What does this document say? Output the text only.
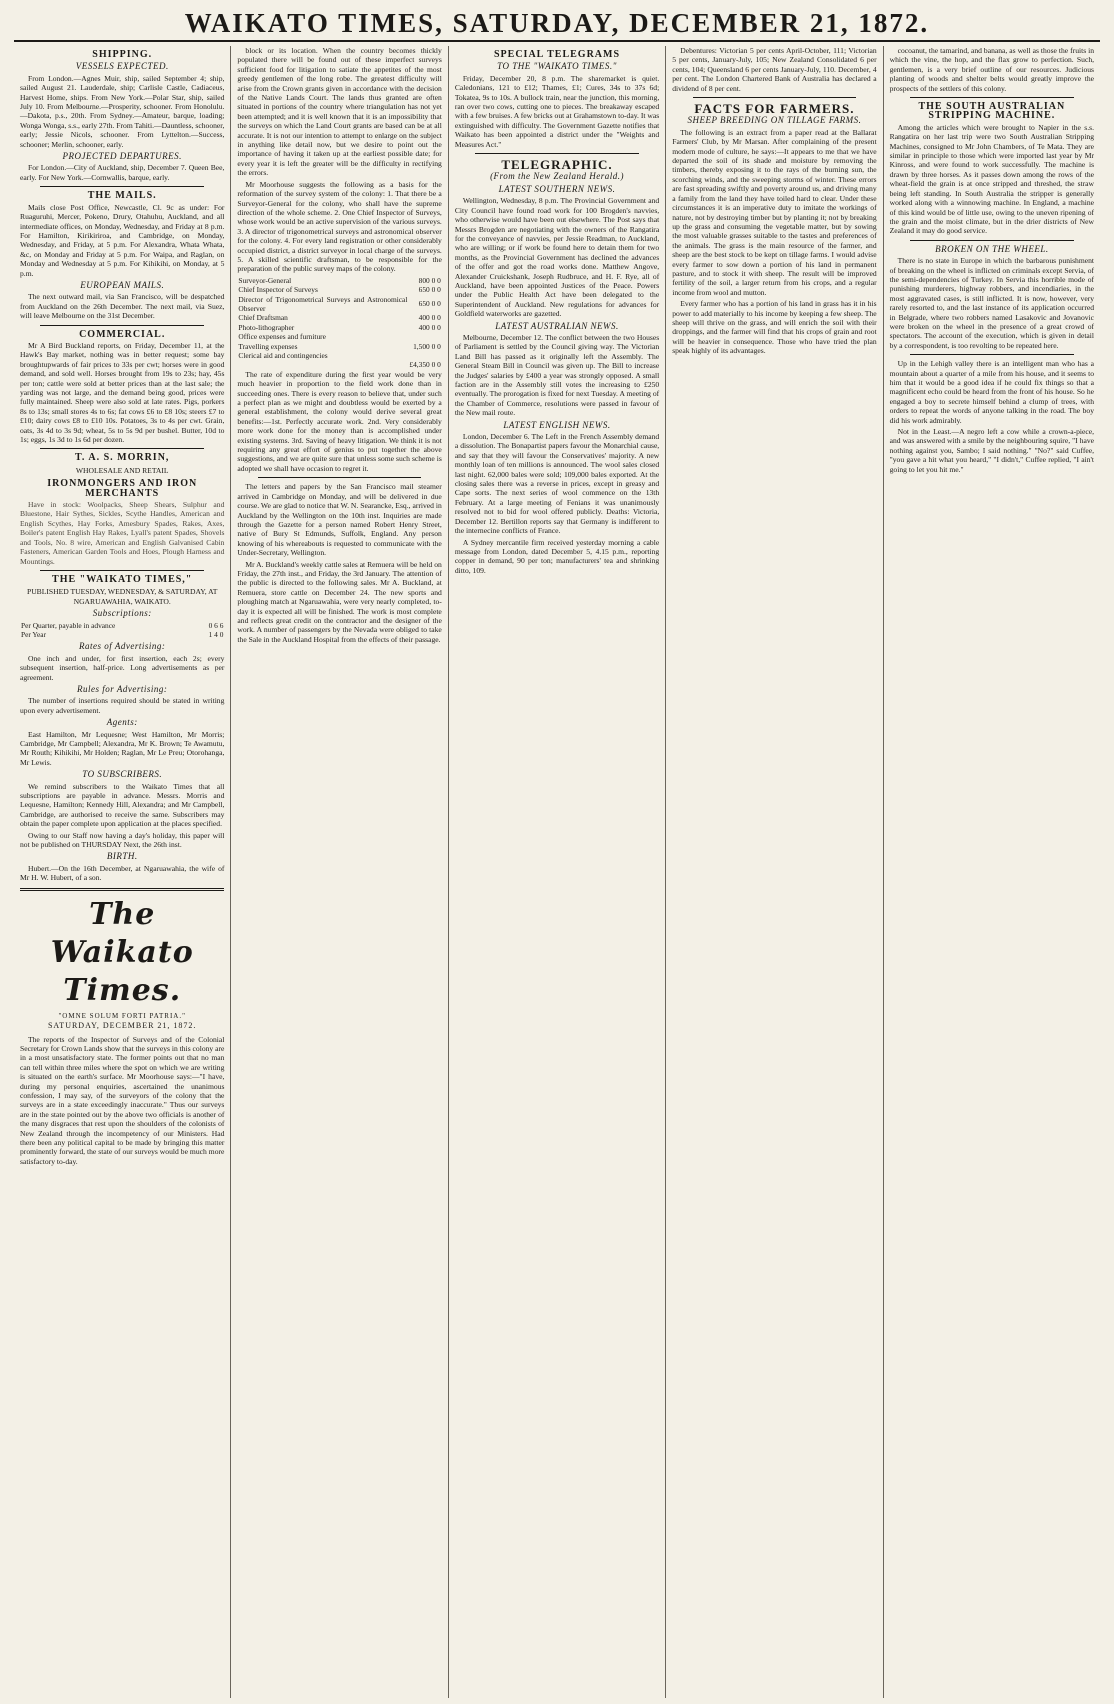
WAIKATO TIMES, SATURDAY, DECEMBER 21, 1872.
SHIPPING.
VESSELS EXPECTED.

From London.—Agnes Muir, ship, sailed September 4; ship, sailed August 21. Lauderdale, ship; Carlisle Castle, Cadiaceus, Harvest Home, ships. From New York.—Polar Star, ship, sailed July 10. From Melbourne.—Prosperity, schooner. From Honolulu.—Dakota, p.s., 20th. From Sydney.—Amateur, barque, loading; Wonga Wonga, s.s., early 27th. From Tahiti.—Dauntless, schooner, early; Jessie Nicols, schooner. From Lyttelton.—Success, schooner; Merlin, schooner, early.

PROJECTED DEPARTURES.

For London.—City of Auckland, ship, December 7. Queen Bee, early. For New York.—Cornwallis, barque, early.

THE MAILS.

Mails close Post Office, Newcastle, Cl. 9c as under: For Ruaguruhi, Mercer, Pokeno, Drury, Otahuhu, Auckland, and all intermediate offices, on Monday, Wednesday, and Friday at 8 p.m. For Hamilton, Kirikiriroa, and Cambridge, on Monday, Wednesday, and Friday, at 5 p.m. For Alexandra, Whata Whata, &c, on Monday and Friday at 5 p.m. For Waipa, and Raglan, on Monday and Wednesday at 5 p.m. For Kihikihi, on Monday, at 5 p.m.

EUROPEAN MAILS.

The next outward mail, via San Francisco, will be despatched from Auckland on the 26th December. The next mail, via Suez, will leave Melbourne on the 31st December.

COMMERCIAL.

Mr A Bird Buckland reports, on Friday, December 11, at the Hawk's Bay market, nothing was in better request; some bay broughtupwards of fair prices to 33s per cwt; horses were in good demand, and sold well. Horses brought from 19s to 23s; hay, 45s per ton; cattle were sold at better prices than at the last sale; the yarding was not large, and the demand being good, prices were fully maintained. Sheep were also sold at late rates. Pigs, porkers 8s to 13s; small stores 4s to 6s; fat cows £6 to £8 10s; steers £7 to £10; dairy cows £8 to £10 10s. Potatoes, 3s to 4s per cwt. Grain, oats, 3s 4d to 3s 9d; wheat, 5s to 5s 9d per bushel. Butter, 10d to 1s; eggs, 1s 3d to 1s 6d per dozen.

T. A. S. MORRIN,
WHOLESALE AND RETAIL
IRONMONGERS AND IRON MERCHANTS

Have in stock: Woolpacks, Sheep Shears, Sulphur and Bluestone, Hair Sythes, Sickles, Scythe Handles, American and English Scythes, Hay Forks, Amesbury Spades, Rakes, Axes, Boiler's patent English Hay Rakes, Lyall's patent Spades, Shovels and Tools, No. 8 wire, American and English Galvanised Cabin Fasteners, American Garden Tools and Hoes, Plough Harness and Mountings.

THE "WAIKATO TIMES,"
PUBLISHED TUESDAY, WEDNESDAY, & SATURDAY, AT NGARUAWAHIA, WAIKATO.
Subscriptions:
Per Quarter, payable in advance	0 6 6
Per Year	1 4 0
Rates of Advertising:

One inch and under, for first insertion, each 2s; every subsequent insertion, half-price. Long advertisements as per agreement.

Rules for Advertising:

The number of insertions required should be stated in writing upon every advertisement.

Agents:

East Hamilton, Mr Lequesne; West Hamilton, Mr Morris; Cambridge, Mr Campbell; Alexandra, Mr K. Brown; Te Awamutu, Mr Routh; Kihikihi, Mr Holden; Raglan, Mr Le Preu; Otorohanga, Mr Lewis.

TO SUBSCRIBERS.

We remind subscribers to the Waikato Times that all subscriptions are payable in advance. Messrs. Morris and Lequesne, Hamilton; Kennedy Hill, Alexandra; and Mr Campbell, Cambridge, are authorised to receive the same. Subscribers may obtain the paper complete upon application at the places specified.

Owing to our Staff now having a day's holiday, this paper will not be published on THURSDAY Next, the 26th inst.

BIRTH.

Hubert.—On the 16th December, at Ngaruawahia, the wife of Mr H. W. Hubert, of a son.

The Waikato Times.
"OMNE SOLUM FORTI PATRIA."
SATURDAY, DECEMBER 21, 1872.

The reports of the Inspector of Surveys and of the Colonial Secretary for Crown Lands show that the surveys in this colony are in a most unsatisfactory state. The former points out that no man can tell within three miles where the spot on which we are writing is situated on the earth's surface. Mr Moorhouse says:—"I have, during my personal enquiries, ascertained the unanimous confession, I may say, of the surveyors of the colony that the surveys are in a state exceedingly inaccurate." Thus our surveys are in the state pointed out by the above two officials is another of the many disgraces that rest upon the shoulders of the colonists of New Zealand through the incompetency of our Ministers. Had there been any political capital to be made by bringing this matter prominently forward, the state of our surveys would be much more satisfactory to-day.

block or its location. When the country becomes thickly populated there will be found out of these imperfect surveys sufficient food for litigation to satiate the appetites of the most greedy gentlemen of the long robe. The greatest difficulty will arise from the Crown grants given in accordance with the decision of the Native Lands Court. The lands thus granted are often situated in portions of the country where triangulation has not yet been attempted; and it is well known that it is an impossibility that the surveys on which the Land Court grants are based can be at all accurate. It is not our intention to attempt to enlarge on the subject in anything like detail now, but we desire to point out the importance of having it taken up at the earliest possible date; for every year it is left the greater will be the difficulty in rectifying the errors.

Mr Moorhouse suggests the following as a basis for the reformation of the survey system of the colony: 1. That there be a Surveyor-General for the colony, who shall have the supreme direction of the whole scheme. 2. One Chief Inspector of Surveys, whose work would be an active supervision of the various surveys. 3. A director of trigonometrical surveys and astronomical observer for the colony. 4. For every land registration or other considerably occupied district, a district surveyor in local charge of the surveys. 5. A skilled scientific draftsman, to be responsible for the preparation of the public survey maps of the colony.

Surveyor-General	800 0 0
Chief Inspector of Surveys	650 0 0
Director of Trigonometrical Surveys and Astronomical Observer	650 0 0
Chief Draftsman	400 0 0
Photo-lithographer	400 0 0
Office expenses and furniture	
Travelling expenses	1,500 0 0
Clerical aid and contingencies	
	£4,350 0 0

The rate of expenditure during the first year would be very much heavier in proportion to the field work done than in succeeding ones. There is every reason to believe that, under such a perfect plan as we might and doubtless would be exerted by a general establishment, the colony would derive several great benefits:—1st. Perfectly accurate work. 2nd. Very considerably more work done for the money than is accomplished under existing systems. 3rd. Saving of heavy litigation. We think it is not requiring any great effort of genius to put together the above suggestions, and we are quite sure that unless some such scheme is adopted we shall have occasion to regret it.

The letters and papers by the San Francisco mail steamer arrived in Cambridge on Monday, and will be delivered in due course. We are glad to notice that W. N. Searancke, Esq., arrived in Auckland by the Wellington on the 10th inst. Inquiries are made through the Gazette for a person named Robert Henry Street, native of Bury St Edmunds, Suffolk, England. Any person knowing of his whereabouts is requested to communicate with the Under-Secretary, Wellington.

Mr A. Buckland's weekly cattle sales at Remuera will be held on Friday, the 27th inst., and Friday, the 3rd January. The attention of the public is directed to the following sales. Mr A. Buckland, at Remuera, store cattle on December 24. The new sports and ploughing match at Ngaruawahia, were very nearly completed, to-day it is expected all will be finished. The work is most complete and reflects great credit on the contractor and the designer of the work. A number of passengers by the Nevada were obliged to take the Sale in the Auckland Hospital from the effects of their passage.

SPECIAL TELEGRAMS
TO THE "WAIKATO TIMES."

Friday, December 20, 8 p.m. The sharemarket is quiet. Caledonians, 121 to £12; Thames, £1; Cures, 34s to 37s 6d; Tokatea, 9s to 10s. A bullock train, near the junction, this morning, ran over two cows, cutting one to pieces. The breakaway escaped with a few bruises. A few bricks out at Grahamstown to-day. It was extinguished with difficulty. The Government Gazette notifies that Waikato has been appointed a district under the "Weights and Measures Act."

TELEGRAPHIC.
(From the New Zealand Herald.)
LATEST SOUTHERN NEWS.

Wellington, Wednesday, 8 p.m. The Provincial Government and City Council have found road work for 100 Brogden's navvies, who otherwise would have been out elsewhere. The Post says that Messrs Brogden are negotiating with the owners of the Rangatira for the conveyance of navvies, per Jessie Readman, to Auckland, who are willing; or if work be found here to detain them for two months, as the Provincial Government has declined the advances of the offer and got the road works done. Matthew Angove, Alexander Cruickshank, Joseph Rudbruce, and H. F. Rye, all of Auckland, have been appointed Justices of the Peace. Powers under the Public Health Act have been delegated to the Superintendent of Auckland. New regulations for advances for Goldfield waterworks are gazetted.

LATEST AUSTRALIAN NEWS.

Melbourne, December 12. The conflict between the two Houses of Parliament is settled by the Council giving way. The Victorian Land Bill has passed as it originally left the Assembly. The General Steam Bill in Council was given up. The Bill to increase the Judges' salaries by £400 a year was strongly opposed. A small faction are in the Assembly still votes the increasing to £250 eventually. The prorogation is fixed for next Tuesday. A meeting of the Chamber of Commerce, resolutions were passed in favour of the New mail route.

LATEST ENGLISH NEWS.

London, December 6. The Left in the French Assembly demand a dissolution. The Bonapartist papers favour the Monarchial cause, and say that they will favour the Conservatives' majority. A new monthly loan of ten millions is announced. The wool sales closed last night. 62,000 bales were sold; 109,000 bales exported. At the closing sales there was a reverse in prices, except in greasy and Cape sorts. The next series of wool commence on the 13th February. At a large meeting of Fenians it was unanimously resolved not to bid for wool offered publicly. Deaths: Victoria, December 12. Bertillon reports say that Germany is indifferent to the internecine conflicts of France.

A Sydney mercantile firm received yesterday morning a cable message from London, dated December 5, 4.15 p.m., reporting copper in demand, 90 per ton; manufacturers' tea and shrinking ditto, 109.

Debentures: Victorian 5 per cents April-October, 111; Victorian 5 per cents, January-July, 105; New Zealand Consolidated 6 per cents, 104; Queensland 6 per cents January-July, 110. December, 4 per cent. The London Chartered Bank of Australia has declared a dividend of 8 per cent.

FACTS FOR FARMERS.
SHEEP BREEDING ON TILLAGE FARMS.

The following is an extract from a paper read at the Ballarat Farmers' Club, by Mr Marsan. After complaining of the present modern mode of culture, he says:—It appears to me that we have departed the soil of its shade and moisture by removing the timbers, thereby exposing it to the rays of the burning sun, the scorching winds, and the sweeping storms of winter. These errors are fast spreading swiftly and poverty around us, and driving many a family from the land they have toiled hard to clear. Under these circumstances it is an imperative duty to imitate the workings of nature, not by destroying timber but by planting it; not by breaking up the grass and consuming the vegetable matter, but by sowing the most valuable grasses suitable to the tastes and preferences of the animals. The grass is the main resource of the farmer, and sheep are the best stock to be kept on tillage farms. I would advise every farmer to sow down a portion of his land in permanent pasture, and to stock it with sheep. The result will be improved fertility of the soil, a larger return from his crops, and a regular income from wool and mutton.

Every farmer who has a portion of his land in grass has it in his power to add materially to his income by keeping a few sheep. The sheep will thrive on the grass, and will enrich the soil with their droppings, and the farmer will find that his crops of grain and root will be heavier in consequence. Those who have tried the plan speak highly of its advantages.

cocoanut, the tamarind, and banana, as well as those the fruits in which the vine, the hop, and the flax grow to perfection. Such, gentlemen, is a very brief outline of our resources. Judicious planting of woods and shelter belts would greatly improve the prospects of the settlers of this colony.

THE SOUTH AUSTRALIAN STRIPPING MACHINE.

Among the articles which were brought to Napier in the s.s. Rangatira on her last trip were two South Australian Stripping Machines, consigned to Mr John Chambers, of Te Mata. They are similar in principle to those which were imported last year by Mr Kinross, and were found to work successfully. The machine is drawn by three horses. As it passes down among the rows of the wheat-field the grain is at once stripped and threshed, the straw being left standing. In South Australia the stripper is generally worked along with a winnowing machine. In England, a machine of this kind would be of little use, owing to the uneven ripening of the grain and the moist climate, but in the drier districts of New Zealand it may do good service.

BROKEN ON THE WHEEL.

There is no state in Europe in which the barbarous punishment of breaking on the wheel is inflicted on criminals except Servia, of the semi-dependencies of Turkey. In Servia this horrible mode of punishing murderers, highway robbers, and incendiaries, in the most aggravated cases, is still inflicted. It is now, however, very rarely resorted to, and the last instance of its application occurred in Belgrade, where two robbers named Lasakovic and Jovanovic were broken on the wheel in the presence of a great crowd of spectators. The account of the execution, which is given in detail by a correspondent, is too revolting to be repeated here.

Up in the Lehigh valley there is an intelligent man who has a mountain about a quarter of a mile from his house, and it seems to him that it would be a good idea if he could fix things so that a magnificent echo could be heard from the front of his house. So he engaged a boy to secrete himself behind a clump of trees, with orders to repeat the words of anyone talking in the road. The boy did his work admirably.

Not in the Least.—A negro left a cow while a crown-a-piece, and was answered with a smile by the neighbouring squire, "I have nothing against you, Sambo; I said nothing." "No?" said Cuffee, "you gave a hit what you heard," "I didn't," Cuffee replied, "I ain't going to let you hit me."
